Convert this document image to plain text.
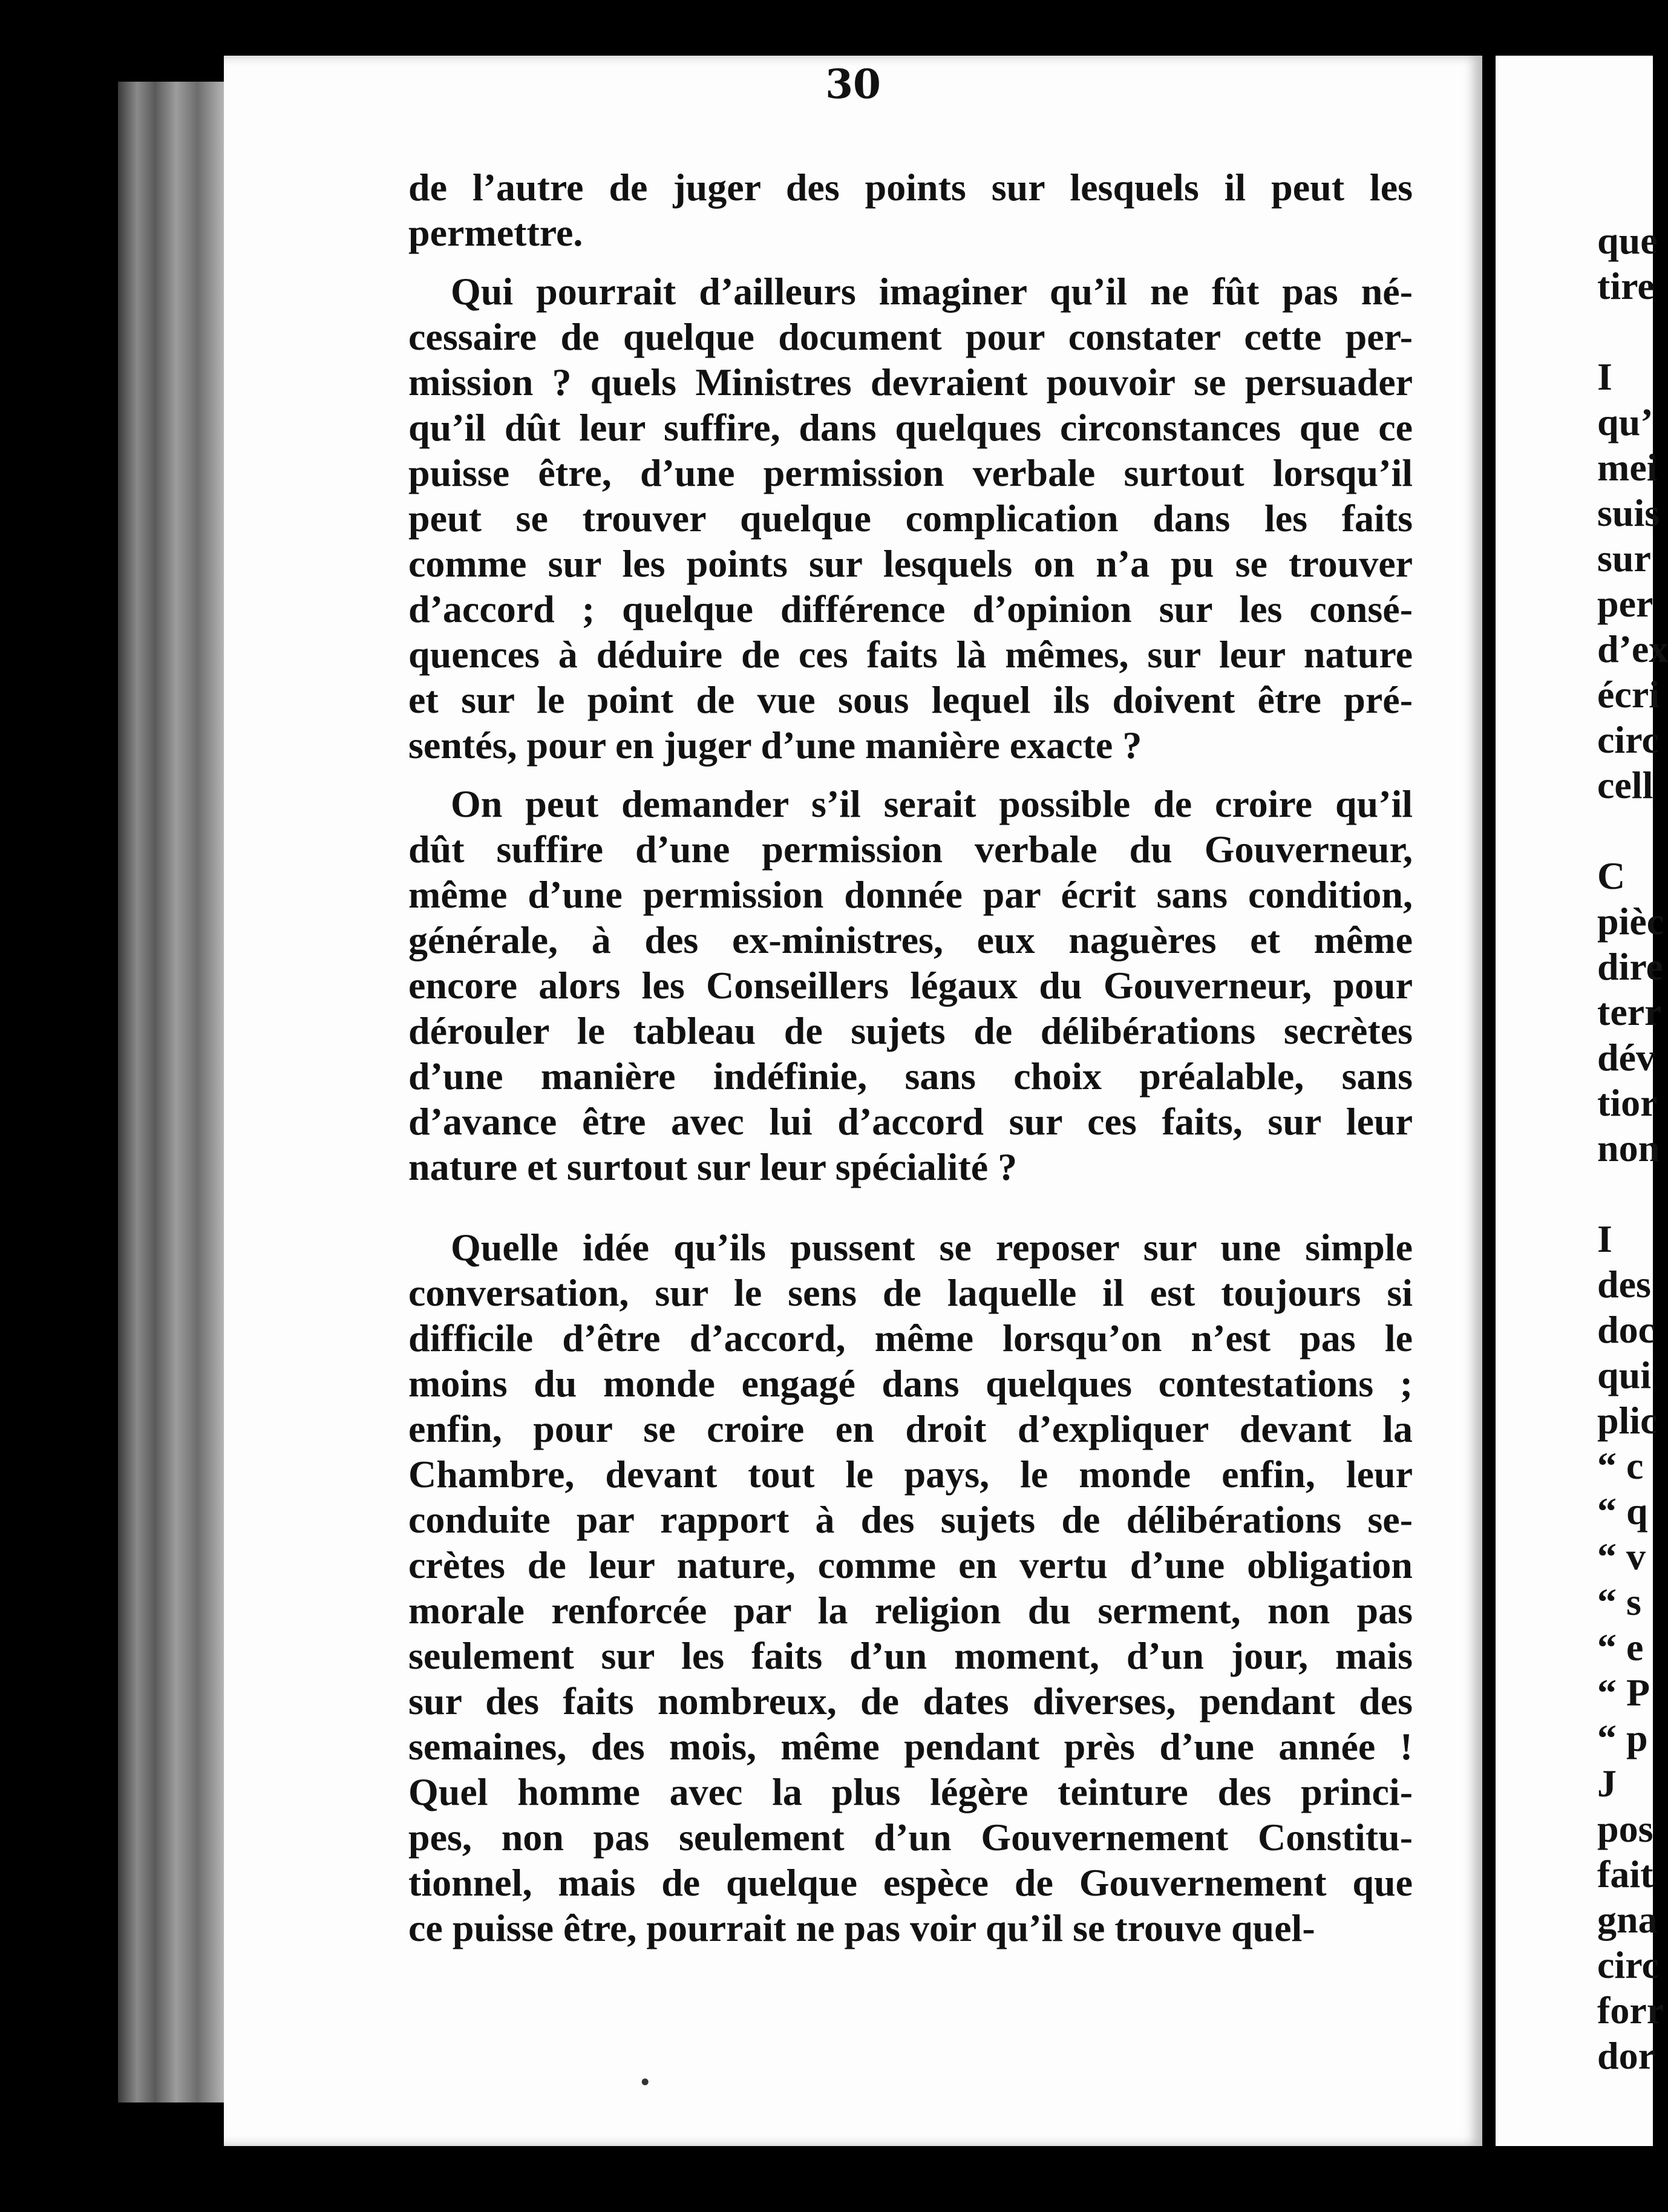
30

de l’autre de juger des points sur lesquels il peut les
permettre.

Qui pourrait d’ailleurs imaginer qu’il ne fût pas né-
cessaire de quelque document pour constater cette per-
mission ? quels Ministres devraient pouvoir se persuader
qu’il dût leur suffire, dans quelques circonstances que ce
puisse être, d’une permission verbale surtout lorsqu’il
peut se trouver quelque complication dans les faits
comme sur les points sur lesquels on n’a pu se trouver
d’accord ; quelque différence d’opinion sur les consé-
quences à déduire de ces faits là mêmes, sur leur nature
et sur le point de vue sous lequel ils doivent être pré-
sentés, pour en juger d’une manière exacte ?

On peut demander s’il serait possible de croire qu’il
dût suffire d’une permission verbale du Gouverneur,
même d’une permission donnée par écrit sans condition,
générale, à des ex-ministres, eux naguères et même
encore alors les Conseillers légaux du Gouverneur, pour
dérouler le tableau de sujets de délibérations secrètes
d’une manière indéfinie, sans choix préalable, sans
d’avance être avec lui d’accord sur ces faits, sur leur
nature et surtout sur leur spécialité ?

Quelle idée qu’ils pussent se reposer sur une simple
conversation, sur le sens de laquelle il est toujours si
difficile d’être d’accord, même lorsqu’on n’est pas le
moins du monde engagé dans quelques contestations ;
enfin, pour se croire en droit d’expliquer devant la
Chambre, devant tout le pays, le monde enfin, leur
conduite par rapport à des sujets de délibérations se-
crètes de leur nature, comme en vertu d’une obligation
morale renforcée par la religion du serment, non pas
seulement sur les faits d’un moment, d’un jour, mais
sur des faits nombreux, de dates diverses, pendant des
semaines, des mois, même pendant près d’une année !
Quel homme avec la plus légère teinture des princi-
pes, non pas seulement d’un Gouvernement Constitu-
tionnel, mais de quelque espèce de Gouvernement que
ce puisse être, pourrait ne pas voir qu’il se trouve quel-

•
que
tire

I
qu’
mei
suis
sur
per
d’ex
écri
circ
cell

C
pièc
dire
terr
dév
tior
non

I
des
doc
qui
plic
“ c
“ q
“ v
“ s
“ e
“ P
“ p
J
pos
fait
gna
circ
forr
dor
